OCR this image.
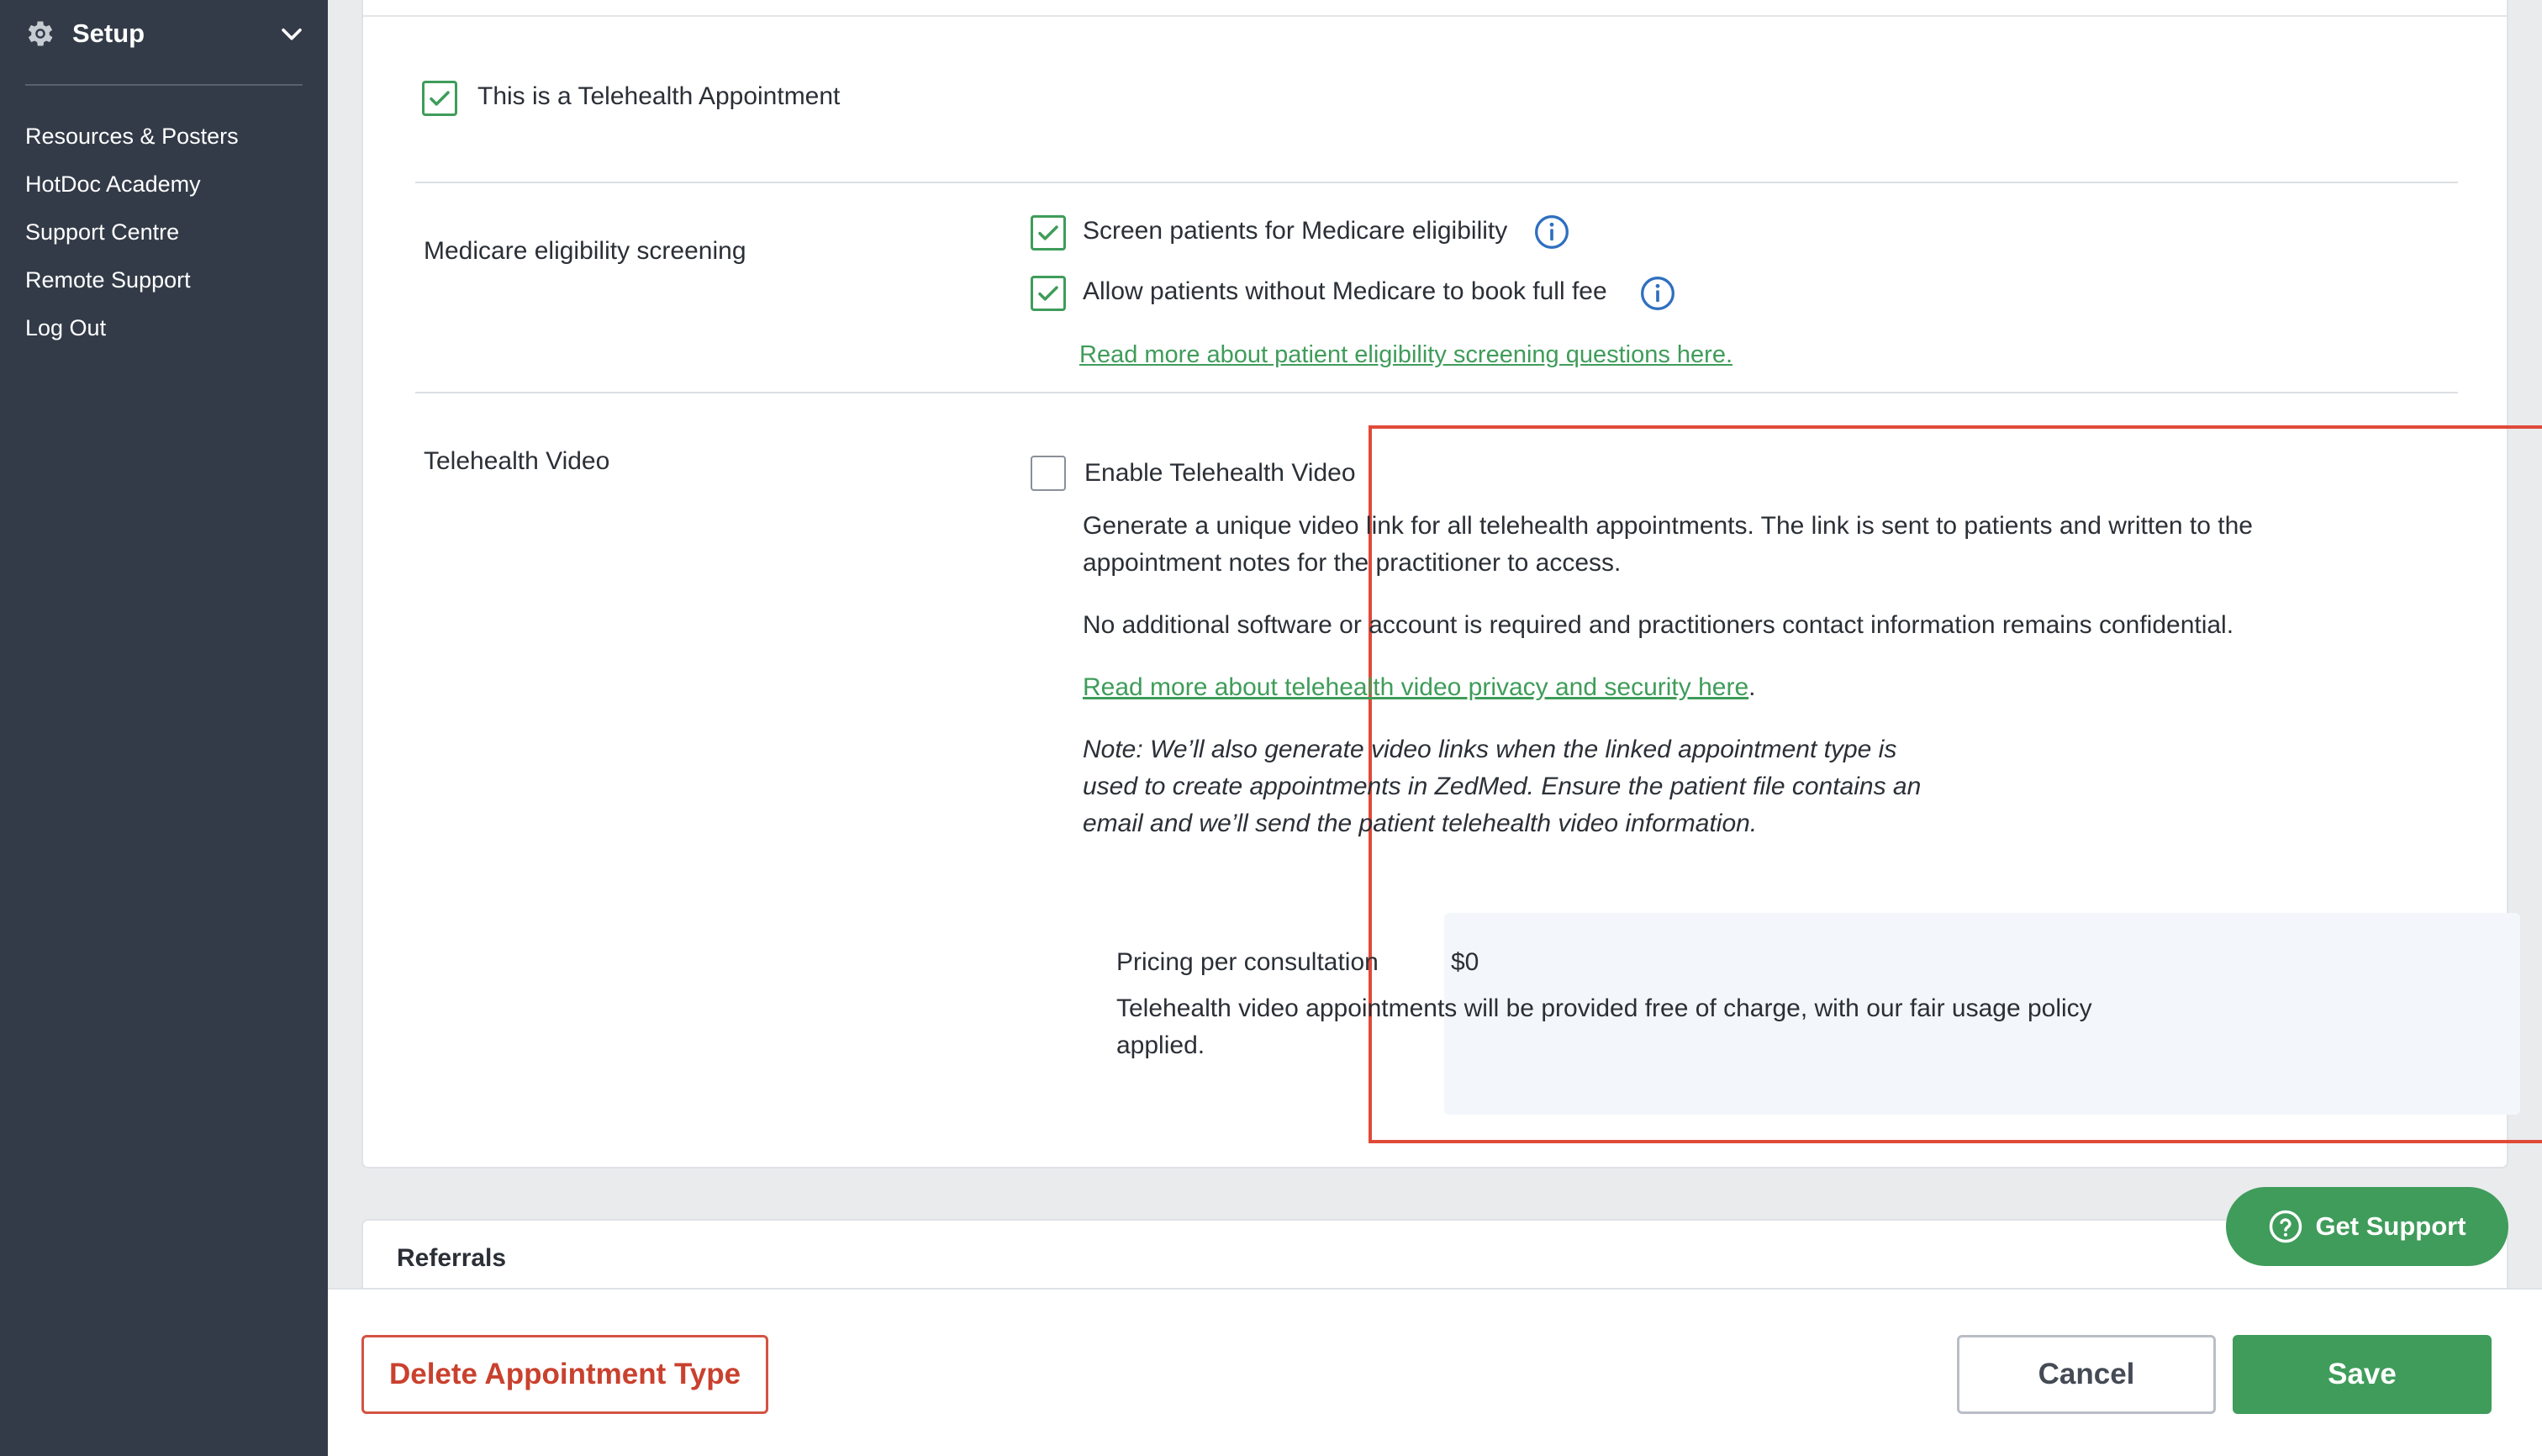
Setup
Resources & Posters
HotDoc Academy
Support Centre
Remote Support
Log Out
This is a Telehealth Appointment
Medicare eligibility screening
Screen patients for Medicare eligibility
Allow patients without Medicare to book full fee
Read more about patient eligibility screening questions here.
Telehealth Video	Enable Telehealth Video

Generate a unique video link for all telehealth appointments. The link is sent to patients and written to the appointment notes for the practitioner to access.

No additional software or account is required and practitioners contact information remains confidential.

Read more about telehealth video privacy and security here.

Note: We’ll also generate video links when the linked appointment type is used to create appointments in ZedMed. Ensure the patient file contains an email and we’ll send the patient telehealth video information.

Pricing per consultation	$0

Telehealth video appointments will be provided free of charge, with our fair usage policy applied.

Referrals
Get Support
Delete Appointment Type	Cancel	Save
